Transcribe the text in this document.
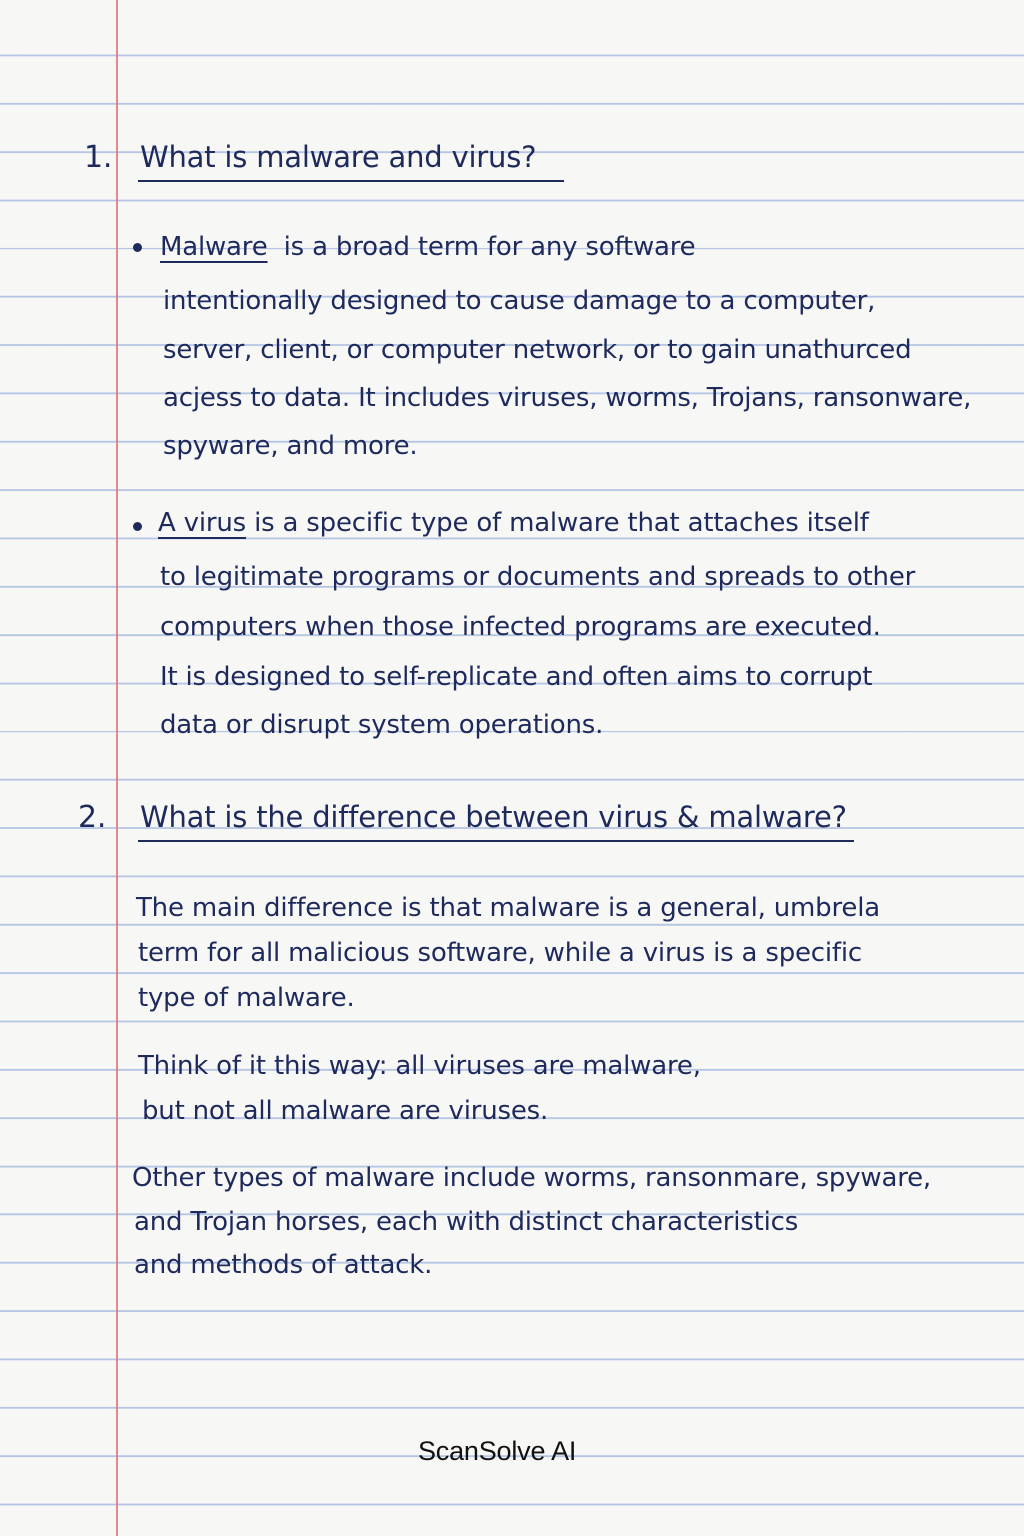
1. What is malware and virus?
Malware is a broad term for any software
intentionally designed to cause damage to a computer,
server, client, or computer network, or to gain unathurced
acjess to data. It includes viruses, worms, Trojans, ransonware,
spyware, and more.
A virus is a specific type of malware that attaches itself
to legitimate programs or documents and spreads to other
computers when those infected programs are executed.
It is designed to self-replicate and often aims to corrupt
data or disrupt system operations.
2. What is the difference between virus & malware?
The main difference is that malware is a general, umbrela
term for all malicious software, while a virus is a specific
type of malware.
Think of it this way: all viruses are malware,
but not all malware are viruses.
Other types of malware include worms, ransonmare, spyware,
and Trojan horses, each with distinct characteristics
and methods of attack.
ScanSolve AI
